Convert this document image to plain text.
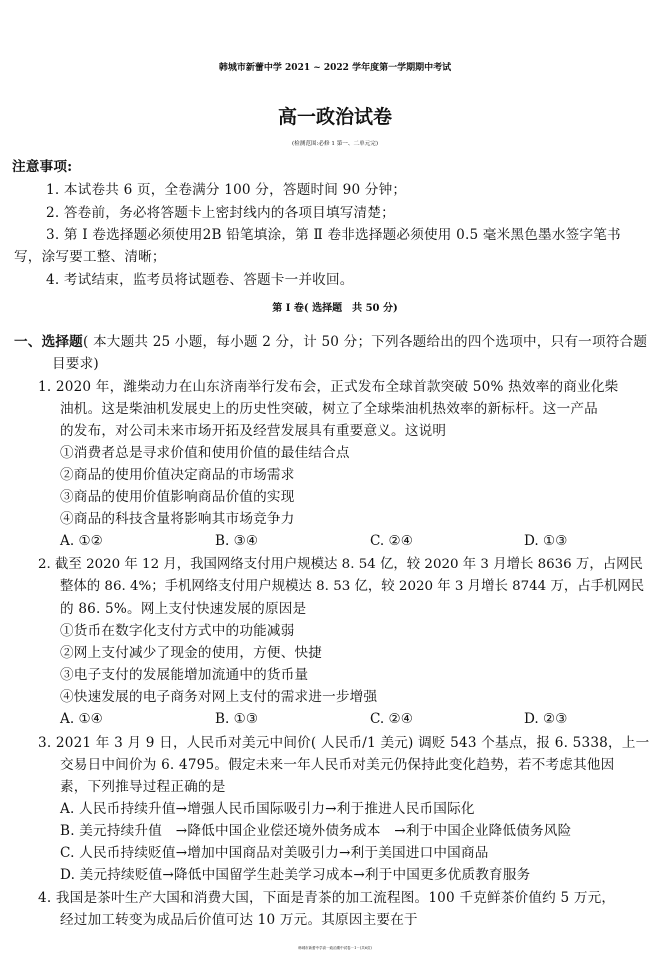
韩城市新蕾中学 2021 ~ 2022 学年度第一学期期中考试
高一政治试卷
(检测范围:必修 1 第一、二单元完)
注意事项:
1. 本试卷共 6 页，全卷满分 100 分，答题时间 90 分钟；
2. 答卷前，务必将答题卡上密封线内的各项目填写清楚；
3. 第 Ⅰ 卷选择题必须使用2B 铅笔填涂，第 Ⅱ 卷非选择题必须使用 0.5 毫米黑色墨水签字笔书
写，涂写要工整、清晰；
4. 考试结束，监考员将试题卷、答题卡一并收回。
第 Ⅰ 卷( 选择题　共 50 分)
一、选择题( 本大题共 25 小题，每小题 2 分，计 50 分；下列各题给出的四个选项中，只有一项符合题
目要求)
1. 2020 年，潍柴动力在山东济南举行发布会，正式发布全球首款突破 50% 热效率的商业化柴
油机。这是柴油机发展史上的历史性突破，树立了全球柴油机热效率的新标杆。这一产品
的发布，对公司未来市场开拓及经营发展具有重要意义。这说明
①消费者总是寻求价值和使用价值的最佳结合点
②商品的使用价值决定商品的市场需求
③商品的使用价值影响商品价值的实现
④商品的科技含量将影响其市场竞争力
A. ①②	B. ③④	C. ②④	D. ①③
2. 截至 2020 年 12 月，我国网络支付用户规模达 8. 54 亿，较 2020 年 3 月增长 8636 万，占网民
整体的 86. 4%；手机网络支付用户规模达 8. 53 亿，较 2020 年 3 月增长 8744 万，占手机网民
的 86. 5%。网上支付快速发展的原因是
①货币在数字化支付方式中的功能减弱
②网上支付减少了现金的使用，方便、快捷
③电子支付的发展能增加流通中的货币量
④快速发展的电子商务对网上支付的需求进一步增强
A. ①④	B. ①③	C. ②④	D. ②③
3. 2021 年 3 月 9 日，人民币对美元中间价( 人民币/1 美元) 调贬 543 个基点，报 6. 5338，上一
交易日中间价为 6. 4795。假定未来一年人民币对美元仍保持此变化趋势，若不考虑其他因
素，下列推导过程正确的是
A. 人民币持续升值→增强人民币国际吸引力→利于推进人民币国际化
B. 美元持续升值　→降低中国企业偿还境外债务成本　→利于中国企业降低债务风险
C. 人民币持续贬值→增加中国商品对美吸引力→利于美国进口中国商品
D. 美元持续贬值→降低中国留学生赴美学习成本→利于中国更多优质教育服务
4. 我国是茶叶生产大国和消费大国，下面是青茶的加工流程图。100 千克鲜茶价值约 5 万元，
经过加工转变为成品后价值可达 10 万元。其原因主要在于
韩城市新蕾中学高一政治期中试卷－1－(共6页)
